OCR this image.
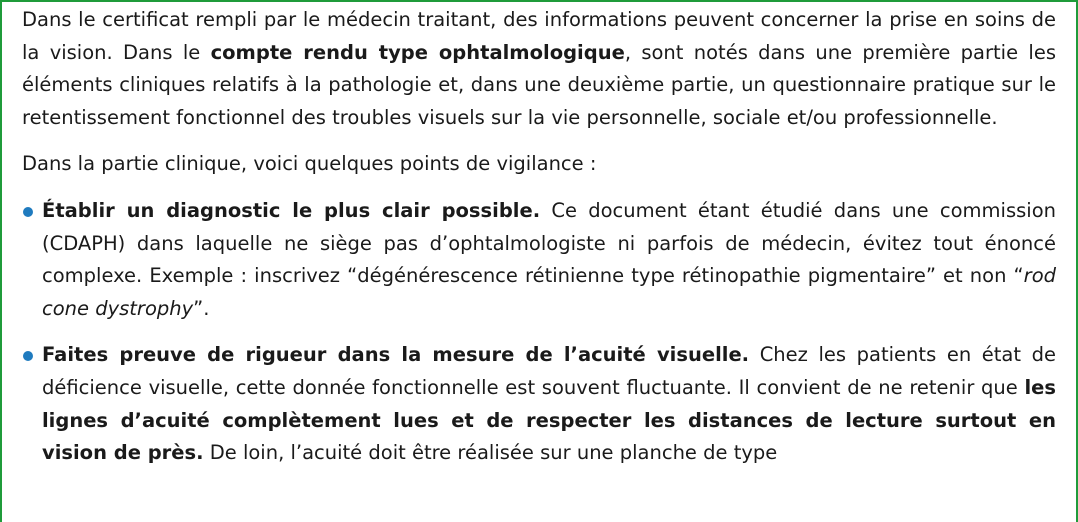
Dans le certificat rempli par le médecin traitant, des informations peuvent concerner la prise en soins de la vision. Dans le compte rendu type ophtalmologique, sont notés dans une première partie les éléments cliniques relatifs à la pathologie et, dans une deuxième partie, un questionnaire pratique sur le retentissement fonctionnel des troubles visuels sur la vie personnelle, sociale et/ou professionnelle.

Dans la partie clinique, voici quelques points de vigilance :

Établir un diagnostic le plus clair possible. Ce document étant étudié dans une commission (CDAPH) dans laquelle ne siège pas d’ophtalmologiste ni parfois de médecin, évitez tout énoncé complexe. Exemple : inscrivez “dégénérescence rétinienne type rétinopathie pigmentaire” et non “rod cone dystrophy”.
Faites preuve de rigueur dans la mesure de l’acuité visuelle. Chez les patients en état de déficience visuelle, cette donnée fonctionnelle est souvent fluctuante. Il convient de ne retenir que les lignes d’acuité complètement lues et de respecter les distances de lecture surtout en vision de près. De loin, l’acuité doit être réalisée sur une planche de type
